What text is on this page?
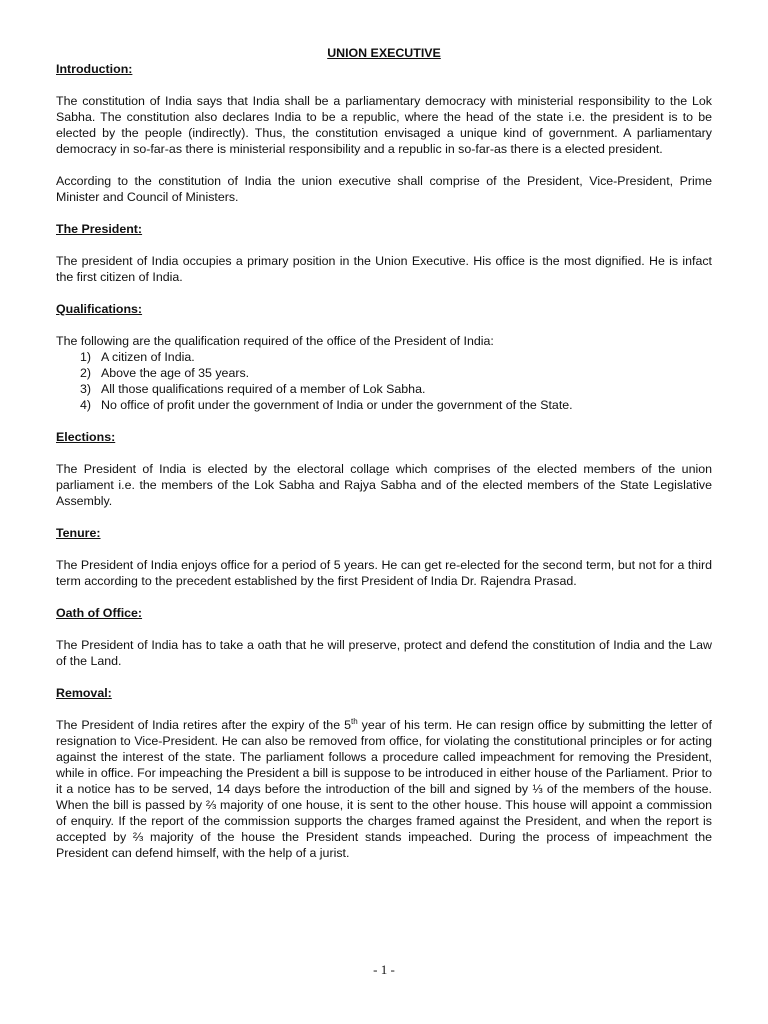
UNION EXECUTIVE

Introduction:

The constitution of India says that India shall be a parliamentary democracy with ministerial responsibility to the Lok Sabha. The constitution also declares India to be a republic, where the head of the state i.e. the president is to be elected by the people (indirectly). Thus, the constitution envisaged a unique kind of government. A parliamentary democracy in so-far-as there is ministerial responsibility and a republic in so-far-as there is a elected president.

According to the constitution of India the union executive shall comprise of the President, Vice-President, Prime Minister and Council of Ministers.

The President:

The president of India occupies a primary position in the Union Executive. His office is the most dignified. He is infact the first citizen of India.

Qualifications:

The following are the qualification required of the office of the President of India:

1) A citizen of India.
2) Above the age of 35 years.
3) All those qualifications required of a member of Lok Sabha.
4) No office of profit under the government of India or under the government of the State.

Elections:

The President of India is elected by the electoral collage which comprises of the elected members of the union parliament i.e. the members of the Lok Sabha and Rajya Sabha and of the elected members of the State Legislative Assembly.

Tenure:

The President of India enjoys office for a period of 5 years. He can get re-elected for the second term, but not for a third term according to the precedent established by the first President of India Dr. Rajendra Prasad.

Oath of Office:

The President of India has to take a oath that he will preserve, protect and defend the constitution of India and the Law of the Land.

Removal:

The President of India retires after the expiry of the 5th year of his term. He can resign office by submitting the letter of resignation to Vice-President. He can also be removed from office, for violating the constitutional principles or for acting against the interest of the state. The parliament follows a procedure called impeachment for removing the President, while in office. For impeaching the President a bill is suppose to be introduced in either house of the Parliament. Prior to it a notice has to be served, 14 days before the introduction of the bill and signed by ⅓ of the members of the house. When the bill is passed by ⅔ majority of one house, it is sent to the other house. This house will appoint a commission of enquiry. If the report of the commission supports the charges framed against the President, and when the report is accepted by ⅔ majority of the house the President stands impeached. During the process of impeachment the President can defend himself, with the help of a jurist.

- 1 -
